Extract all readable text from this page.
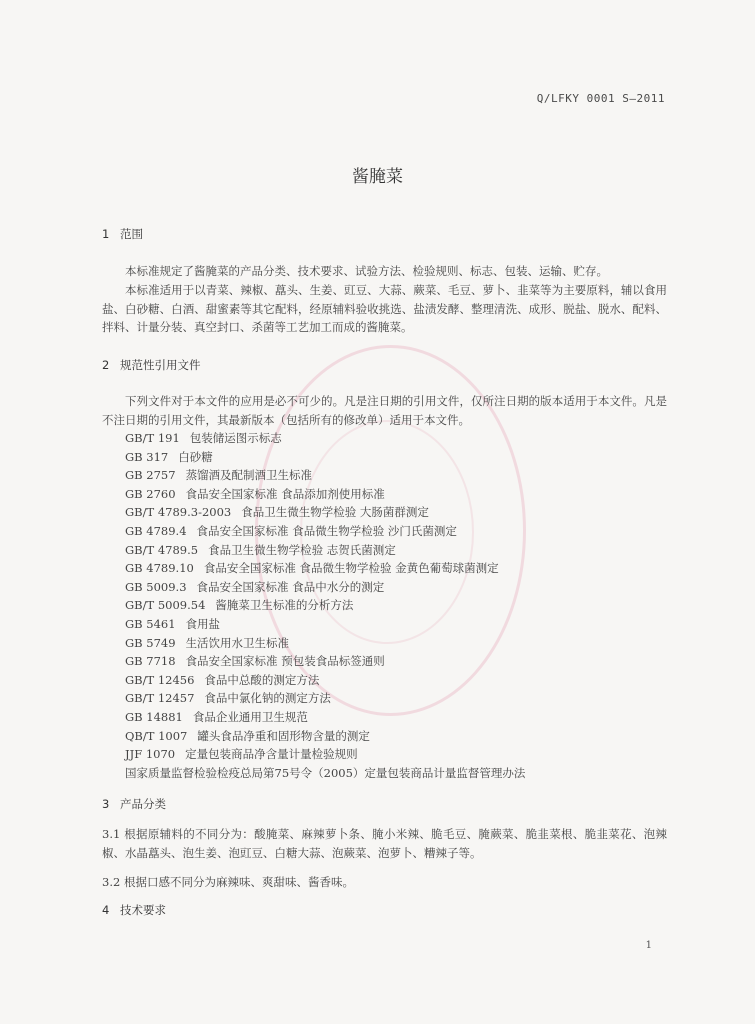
Q/LFKY 0001 S—2011
酱腌菜
1 范围
本标准规定了酱腌菜的产品分类、技术要求、试验方法、检验规则、标志、包装、运输、贮存。
本标准适用于以青菜、辣椒、藠头、生姜、豇豆、大蒜、蕨菜、毛豆、萝卜、韭菜等为主要原料，辅以食用盐、白砂糖、白酒、甜蜜素等其它配料，经原辅料验收挑选、盐渍发酵、整理清洗、成形、脱盐、脱水、配料、拌料、计量分装、真空封口、杀菌等工艺加工而成的酱腌菜。
2 规范性引用文件
下列文件对于本文件的应用是必不可少的。凡是注日期的引用文件，仅所注日期的版本适用于本文件。凡是不注日期的引用文件，其最新版本（包括所有的修改单）适用于本文件。
GB/T 191 包装储运图示标志
GB 317 白砂糖
GB 2757 蒸馏酒及配制酒卫生标准
GB 2760 食品安全国家标准 食品添加剂使用标准
GB/T 4789.3-2003 食品卫生微生物学检验 大肠菌群测定
GB 4789.4 食品安全国家标准 食品微生物学检验 沙门氏菌测定
GB/T 4789.5 食品卫生微生物学检验 志贺氏菌测定
GB 4789.10 食品安全国家标准 食品微生物学检验 金黄色葡萄球菌测定
GB 5009.3 食品安全国家标准 食品中水分的测定
GB/T 5009.54 酱腌菜卫生标准的分析方法
GB 5461 食用盐
GB 5749 生活饮用水卫生标准
GB 7718 食品安全国家标准 预包装食品标签通则
GB/T 12456 食品中总酸的测定方法
GB/T 12457 食品中氯化钠的测定方法
GB 14881 食品企业通用卫生规范
QB/T 1007 罐头食品净重和固形物含量的测定
JJF 1070 定量包装商品净含量计量检验规则
国家质量监督检验检疫总局第75号令（2005）定量包装商品计量监督管理办法
3 产品分类
3.1 根据原辅料的不同分为：酸腌菜、麻辣萝卜条、腌小米辣、脆毛豆、腌蕨菜、脆韭菜根、脆韭菜花、泡辣椒、水晶藠头、泡生姜、泡豇豆、白糖大蒜、泡蕨菜、泡萝卜、糟辣子等。
3.2 根据口感不同分为麻辣味、爽甜味、酱香味。
4 技术要求
1
